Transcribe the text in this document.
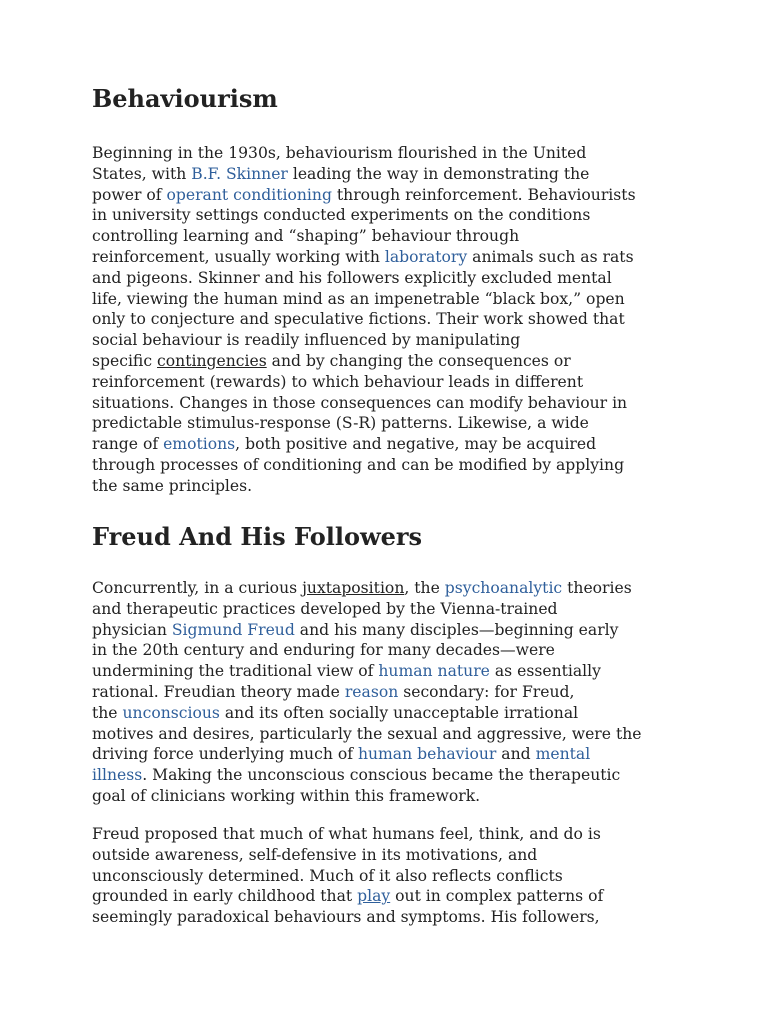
Behaviourism
Beginning in the 1930s, behaviourism flourished in the United
States, with B.F. Skinner leading the way in demonstrating the
power of operant conditioning through reinforcement. Behaviourists
in university settings conducted experiments on the conditions
controlling learning and “shaping” behaviour through
reinforcement, usually working with laboratory animals such as rats
and pigeons. Skinner and his followers explicitly excluded mental
life, viewing the human mind as an impenetrable “black box,” open
only to conjecture and speculative fictions. Their work showed that
social behaviour is readily influenced by manipulating
specific contingencies and by changing the consequences or
reinforcement (rewards) to which behaviour leads in different
situations. Changes in those consequences can modify behaviour in
predictable stimulus-response (S-R) patterns. Likewise, a wide
range of emotions, both positive and negative, may be acquired
through processes of conditioning and can be modified by applying
the same principles.
Freud And His Followers
Concurrently, in a curious juxtaposition, the psychoanalytic theories
and therapeutic practices developed by the Vienna-trained
physician Sigmund Freud and his many disciples—beginning early
in the 20th century and enduring for many decades—were
undermining the traditional view of human nature as essentially
rational. Freudian theory made reason secondary: for Freud,
the unconscious and its often socially unacceptable irrational
motives and desires, particularly the sexual and aggressive, were the
driving force underlying much of human behaviour and mental
illness. Making the unconscious conscious became the therapeutic
goal of clinicians working within this framework.
Freud proposed that much of what humans feel, think, and do is
outside awareness, self-defensive in its motivations, and
unconsciously determined. Much of it also reflects conflicts
grounded in early childhood that play out in complex patterns of
seemingly paradoxical behaviours and symptoms. His followers,
